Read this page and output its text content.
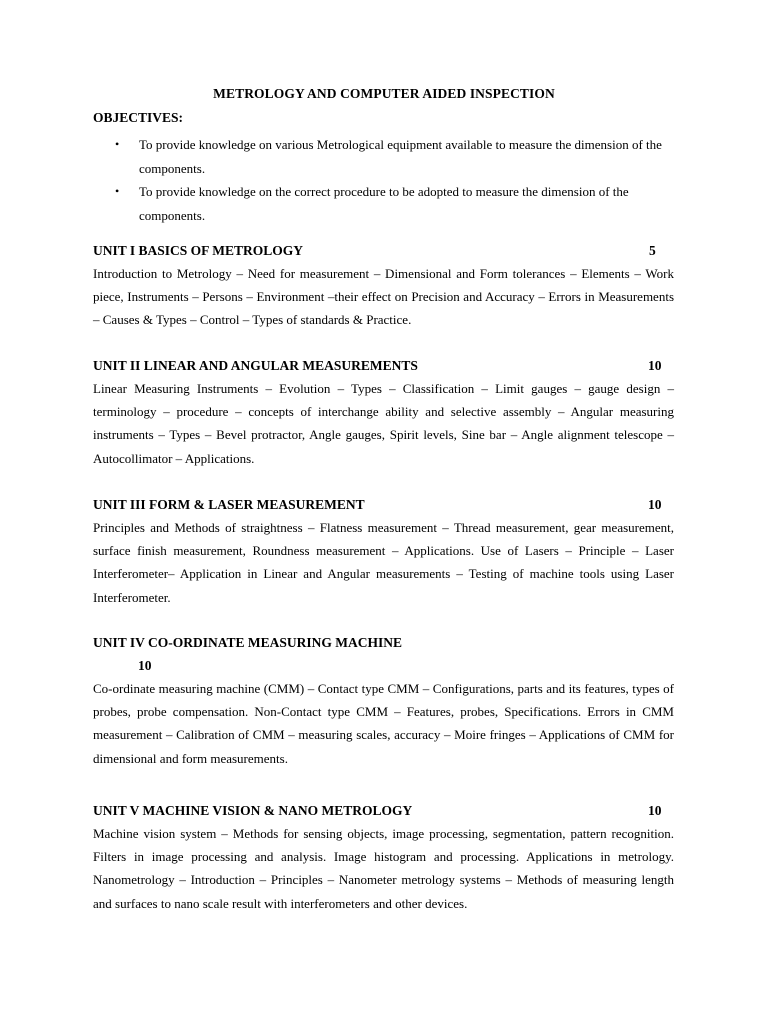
METROLOGY AND COMPUTER AIDED INSPECTION
OBJECTIVES:
• To provide knowledge on various Metrological equipment available to measure the dimension of the components.
• To provide knowledge on the correct procedure to be adopted to measure the dimension of the components.
UNIT I BASICS OF METROLOGY	5

Introduction to Metrology – Need for measurement – Dimensional and Form tolerances – Elements – Work piece, Instruments – Persons – Environment –their effect on Precision and Accuracy – Errors in Measurements – Causes & Types – Control – Types of standards & Practice.

UNIT II LINEAR AND ANGULAR MEASUREMENTS	10

Linear Measuring Instruments – Evolution – Types – Classification – Limit gauges – gauge design – terminology – procedure – concepts of interchange ability and selective assembly – Angular measuring instruments – Types – Bevel protractor, Angle gauges, Spirit levels, Sine bar – Angle alignment telescope – Autocollimator – Applications.

UNIT III FORM & LASER MEASUREMENT	10

Principles and Methods of straightness – Flatness measurement – Thread measurement, gear measurement, surface finish measurement, Roundness measurement – Applications. Use of Lasers – Principle – Laser Interferometer– Application in Linear and Angular measurements – Testing of machine tools using Laser Interferometer.

UNIT IV CO-ORDINATE MEASURING MACHINE
10

Co-ordinate measuring machine (CMM) – Contact type CMM – Configurations, parts and its features, types of probes, probe compensation. Non-Contact type CMM – Features, probes, Specifications. Errors in CMM measurement – Calibration of CMM – measuring scales, accuracy – Moire fringes – Applications of CMM for dimensional and form measurements.

UNIT V MACHINE VISION & NANO METROLOGY	10

Machine vision system – Methods for sensing objects, image processing, segmentation, pattern recognition. Filters in image processing and analysis. Image histogram and processing. Applications in metrology. Nanometrology – Introduction – Principles – Nanometer metrology systems – Methods of measuring length and surfaces to nano scale result with interferometers and other devices.
